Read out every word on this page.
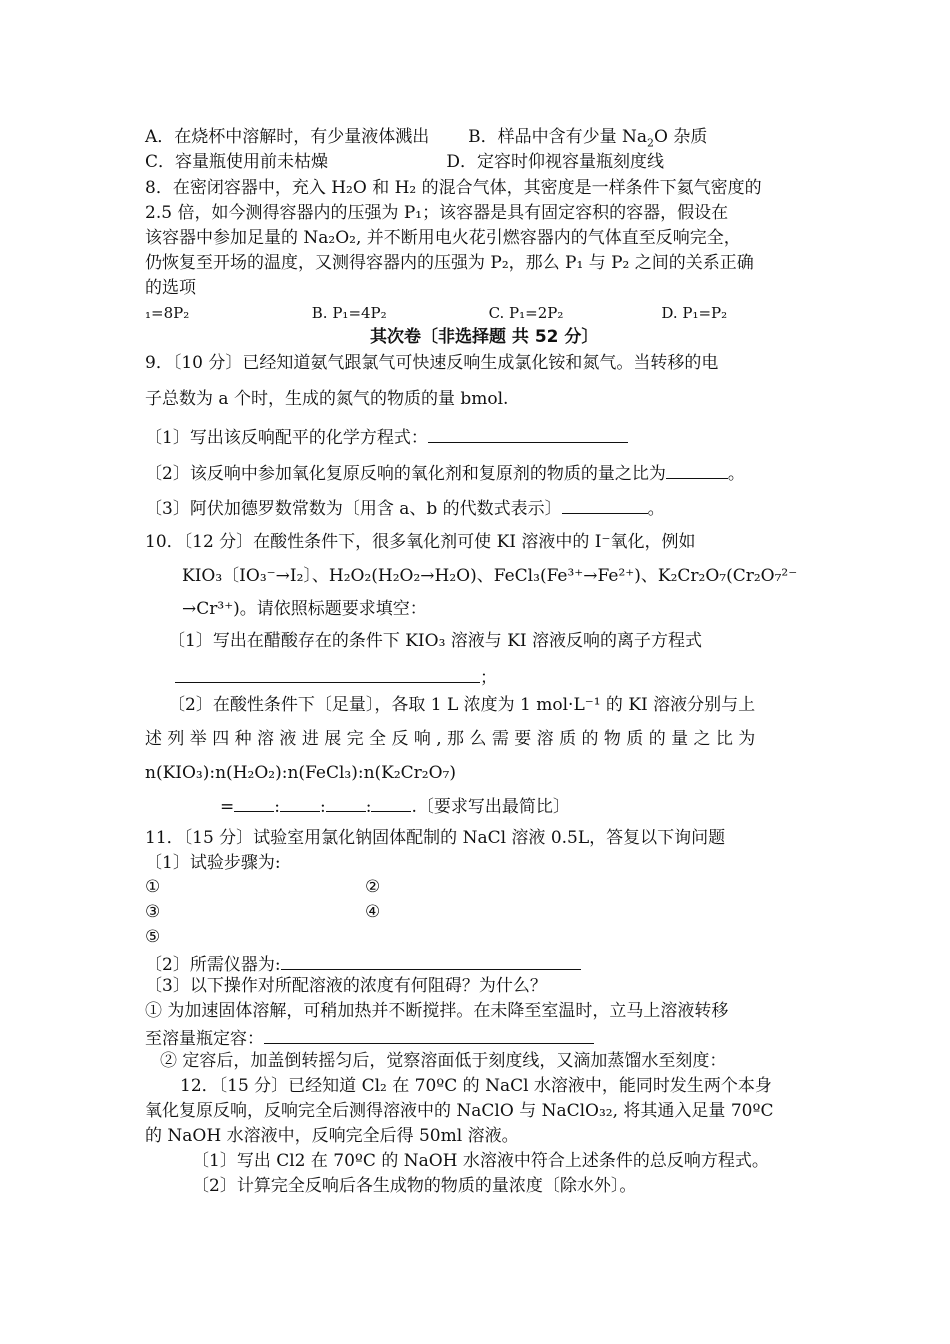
A．在烧杯中溶解时，有少量液体溅出 B．样品中含有少量 $Na_2O$ 杂质
C．容量瓶使用前未枯燥	D．定容时仰视容量瓶刻度线
8．在密闭容器中，充入 H₂O 和 H₂ 的混合气体，其密度是一样条件下氦气密度的
2.5 倍，如今测得容器内的压强为 P₁；该容器是具有固定容积的容器，假设在
该容器中参加足量的 Na₂O₂, 并不断用电火花引燃容器内的气体直至反响完全，
仍恢复至开场的温度，又测得容器内的压强为 P₂，那么 P₁ 与 P₂ 之间的关系正确
的选项
₁=8P₂	B. P₁=4P₂	C. P₁=2P₂	D. P₁=P₂
其次卷〔非选择题 共 52 分〕
9．〔10 分〕已经知道氨气跟氯气可快速反响生成氯化铵和氮气。当转移的电
子总数为 a 个时，生成的氮气的物质的量 bmol.
〔1〕写出该反响配平的化学方程式：
〔2〕该反响中参加氧化复原反响的氧化剂和复原剂的物质的量之比为	。
〔3〕阿伏加德罗数常数为〔用含 a、b 的代数式表示〕	。
10．〔12 分〕在酸性条件下，很多氧化剂可使 KI 溶液中的 I⁻氧化，例如
KIO₃〔IO₃⁻→I₂〕、H₂O₂(H₂O₂→H₂O)、FeCl₃(Fe³⁺→Fe²⁺)、K₂Cr₂O₇(Cr₂O₇²⁻
→Cr³⁺)。请依照标题要求填空：
〔1〕写出在醋酸存在的条件下 KIO₃ 溶液与 KI 溶液反响的离子方程式
；
〔2〕在酸性条件下〔足量〕，各取 1 L 浓度为 1 mol·L⁻¹ 的 KI 溶液分别与上
述 列 举 四 种 溶 液 进 展 完 全 反 响 , 那 么 需 要 溶 质 的 物 质 的 量 之 比 为
n(KIO₃):n(H₂O₂):n(FeCl₃):n(K₂Cr₂O₇)
= : : : .〔要求写出最简比〕
11．〔15 分〕试验室用氯化钠固体配制的 NaCl 溶液 0.5L，答复以下询问题
〔1〕试验步骤为:
①	②
③	④
⑤
〔2〕所需仪器为:
〔3〕以下操作对所配溶液的浓度有何阻碍？为什么？
① 为加速固体溶解，可稍加热并不断搅拌。在未降至室温时，立马上溶液转移
至溶量瓶定容：
② 定容后，加盖倒转摇匀后，觉察溶面低于刻度线，又滴加蒸馏水至刻度：
12．〔15 分〕已经知道 Cl₂ 在 70ºC 的 NaCl 水溶液中，能同时发生两个本身
氧化复原反响，反响完全后测得溶液中的 NaClO 与 NaClO₃₂, 将其通入足量 70ºC
的 NaOH 水溶液中，反响完全后得 50ml 溶液。
〔1〕写出 Cl2 在 70ºC 的 NaOH 水溶液中符合上述条件的总反响方程式。
〔2〕计算完全反响后各生成物的物质的量浓度〔除水外〕。
